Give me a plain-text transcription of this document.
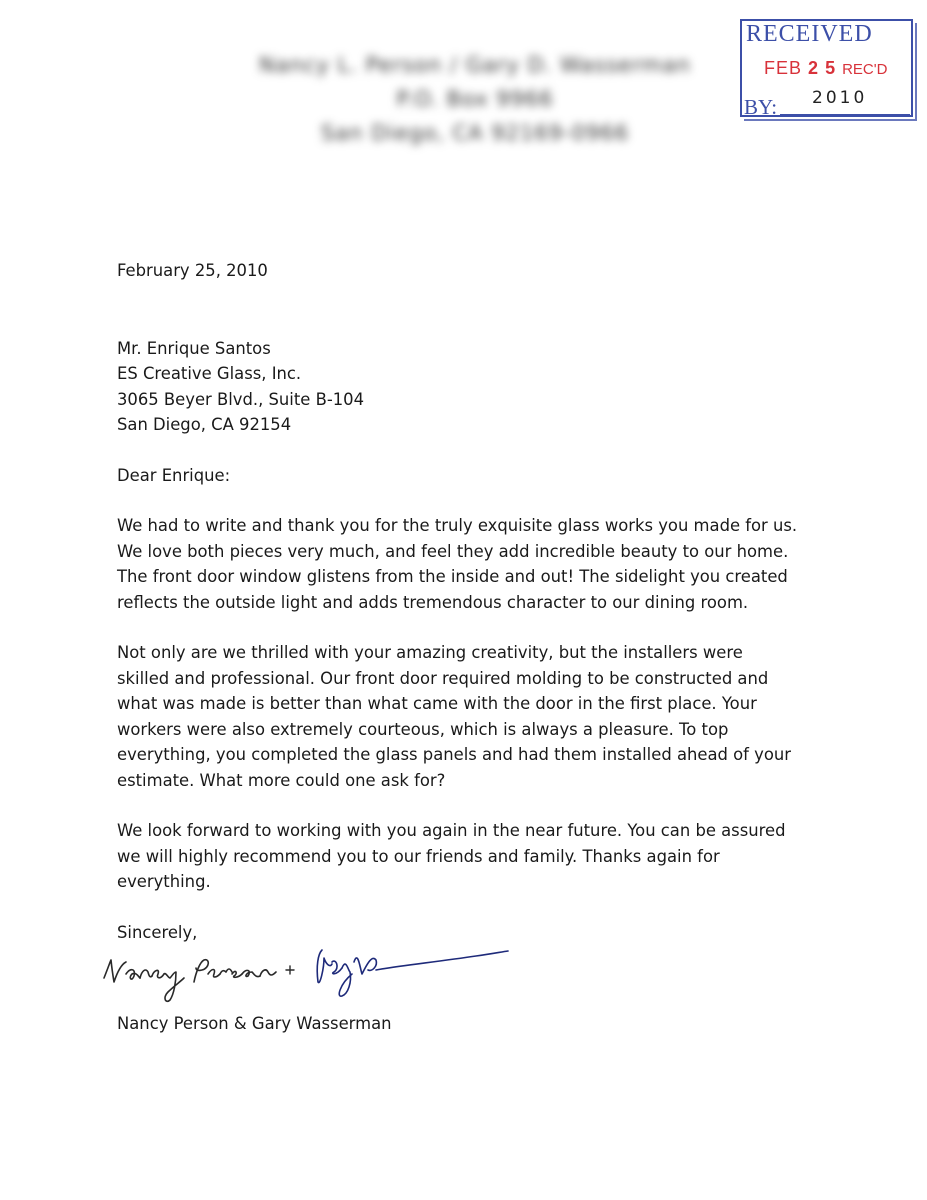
Nancy L. Person / Gary D. Wasserman
P.O. Box 9966
San Diego, CA 92169-0966
RECEIVED
FEB 2 5 REC'D
BY: 2010

February 25, 2010

Mr. Enrique Santos

ES Creative Glass, Inc.

3065 Beyer Blvd., Suite B-104

San Diego, CA 92154

Dear Enrique:

We had to write and thank you for the truly exquisite glass works you made for us.

We love both pieces very much, and feel they add incredible beauty to our home.

The front door window glistens from the inside and out! The sidelight you created

reflects the outside light and adds tremendous character to our dining room.

Not only are we thrilled with your amazing creativity, but the installers were

skilled and professional. Our front door required molding to be constructed and

what was made is better than what came with the door in the first place. Your

workers were also extremely courteous, which is always a pleasure. To top

everything, you completed the glass panels and had them installed ahead of your

estimate. What more could one ask for?

We look forward to working with you again in the near future. You can be assured

we will highly recommend you to our friends and family. Thanks again for

everything.

Sincerely,

Nancy Person & Gary Wasserman
